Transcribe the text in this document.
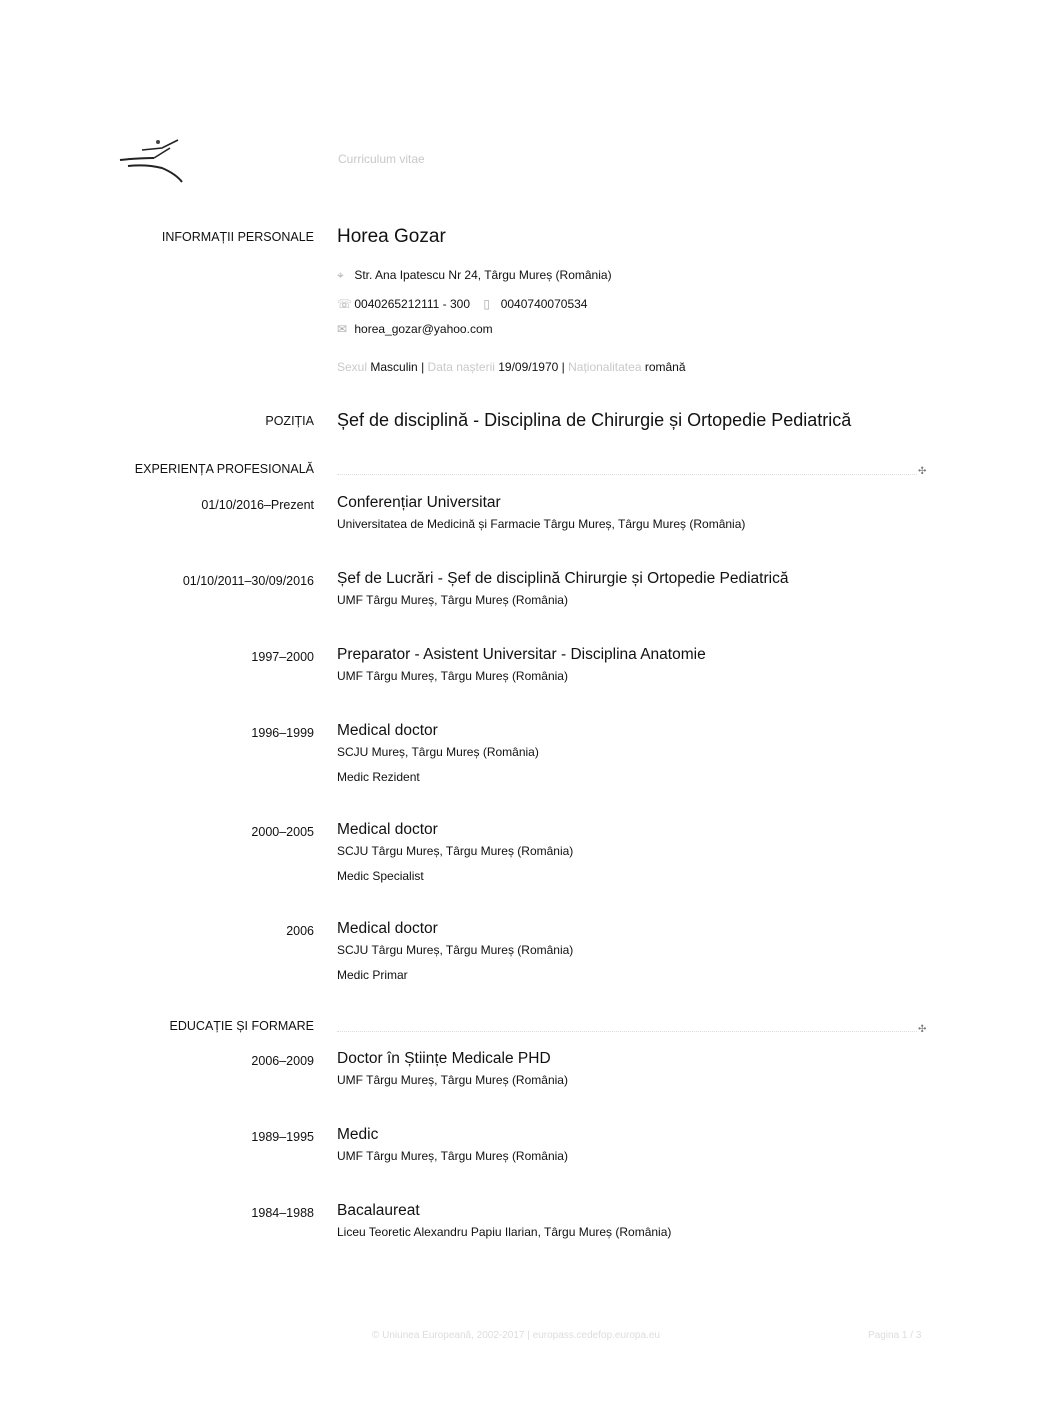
Curriculum vitae
INFORMAȚII PERSONALE Horea Gozar
⌖ Str. Ana Ipatescu Nr 24, Târgu Mureș (România)
☏ 0040265212111 - 300 ▯ 0040740070534
✉ horea_gozar@yahoo.com
Sexul Masculin | Data nașterii 19/09/1970 | Naționalitatea română
POZIȚIA Șef de disciplină - Disciplina de Chirurgie și Ortopedie Pediatrică
EXPERIENȚA PROFESIONALĂ	✣
01/10/2016–Prezent Conferențiar Universitar
Universitatea de Medicină și Farmacie Târgu Mureș, Târgu Mureș (România)
01/10/2011–30/09/2016 Șef de Lucrări - Șef de disciplină Chirurgie și Ortopedie Pediatrică
UMF Târgu Mureș, Târgu Mureș (România)
1997–2000 Preparator - Asistent Universitar - Disciplina Anatomie
UMF Târgu Mureș, Târgu Mureș (România)
1996–1999 Medical doctor
SCJU Mureș, Târgu Mureș (România)
Medic Rezident
2000–2005 Medical doctor
SCJU Târgu Mureș, Târgu Mureș (România)
Medic Specialist
2006 Medical doctor
SCJU Târgu Mureș, Târgu Mureș (România)
Medic Primar
EDUCAȚIE ȘI FORMARE	✣
2006–2009 Doctor în Științe Medicale PHD
UMF Târgu Mureș, Târgu Mureș (România)
1989–1995 Medic
UMF Târgu Mureș, Târgu Mureș (România)
1984–1988 Bacalaureat
Liceu Teoretic Alexandru Papiu Ilarian, Târgu Mureș (România)
© Uniunea Europeană, 2002-2017 | europass.cedefop.europa.eu	Pagina 1 / 3
